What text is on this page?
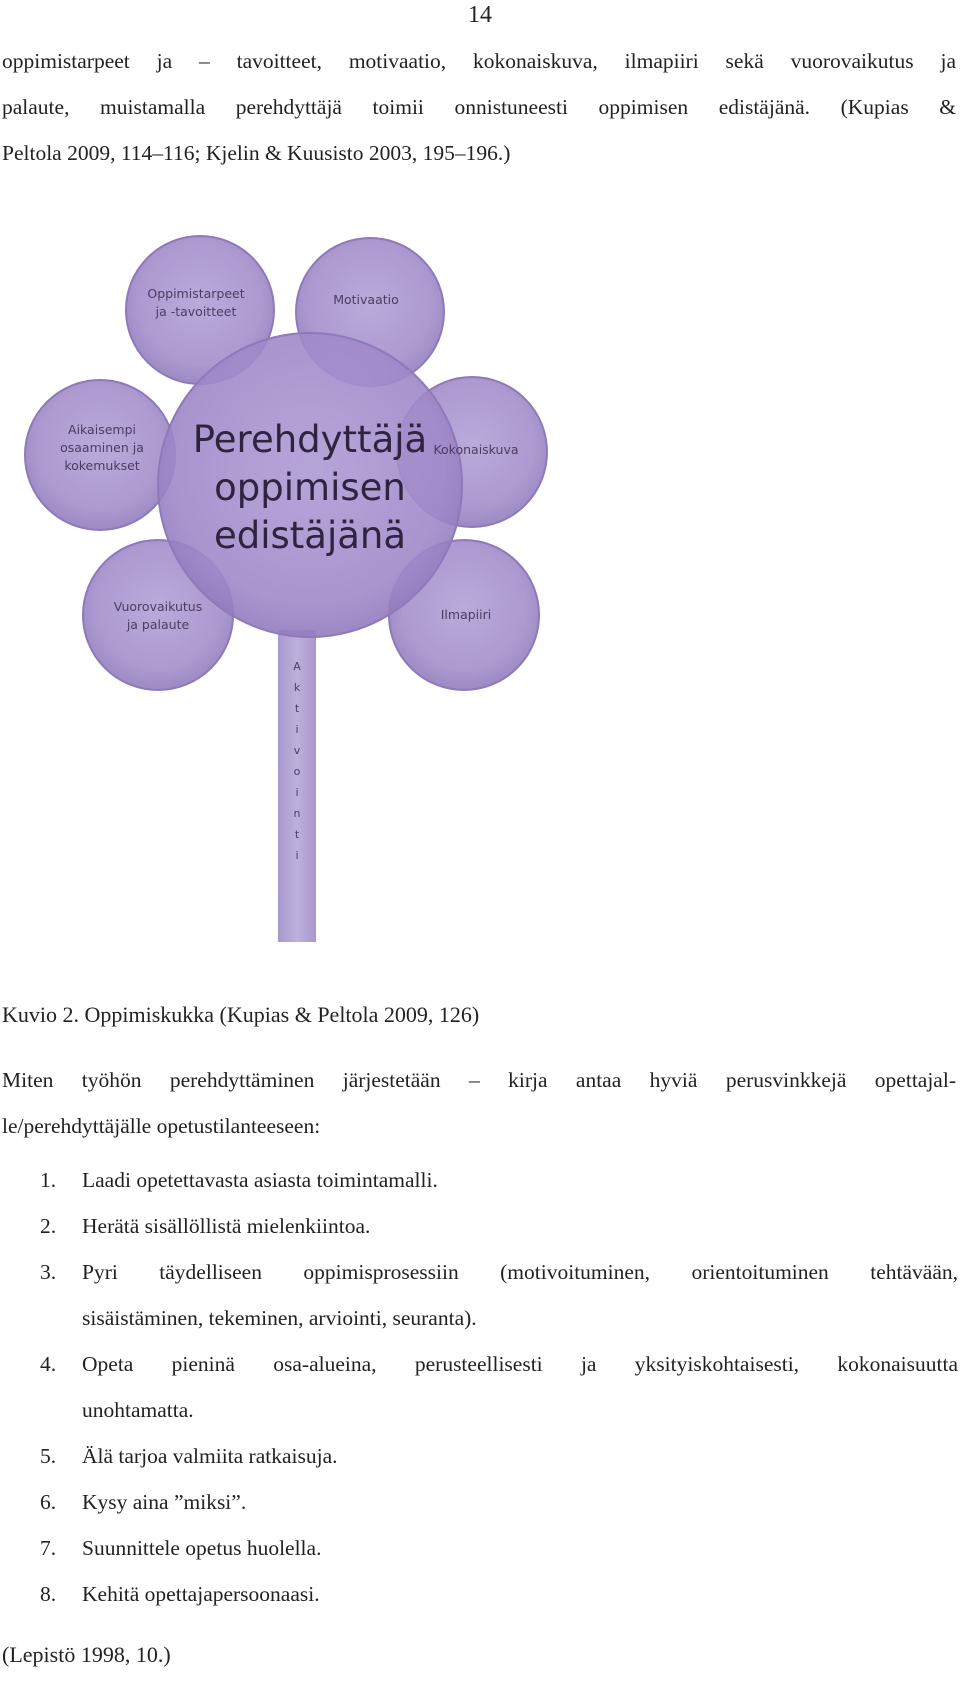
14

oppimistarpeet ja – tavoitteet, motivaatio, kokonaiskuva, ilmapiiri sekä vuorovaikutus ja
palaute, muistamalla perehdyttäjä toimii onnistuneesti oppimisen edistäjänä. (Kupias &
Peltola 2009, 114–116; Kjelin & Kuusisto 2003, 195–196.)

Perehdyttäjä
oppimisen
edistäjänä
Oppimistarpeet
ja -tavoitteet
Motivaatio
Aikaisempi
osaaminen ja
kokemukset
Kokonaiskuva
Vuorovaikutus
ja palaute
Ilmapiiri
A
k
t
i
v
o
i
n
t
i

Kuvio 2. Oppimiskukka (Kupias & Peltola 2009, 126)

Miten työhön perehdyttäminen järjestetään – kirja antaa hyviä perusvinkkejä opettajal-
le/perehdyttäjälle opetustilanteeseen:

1. Laadi opetettavasta asiasta toimintamalli.
2. Herätä sisällöllistä mielenkiintoa.
3. Pyri täydelliseen oppimisprosessiin (motivoituminen, orientoituminen tehtävään,
sisäistäminen, tekeminen, arviointi, seuranta).
4. Opeta pieninä osa-alueina, perusteellisesti ja yksityiskohtaisesti, kokonaisuutta
unohtamatta.
5. Älä tarjoa valmiita ratkaisuja.
6. Kysy aina ”miksi”.
7. Suunnittele opetus huolella.
8. Kehitä opettajapersoonaasi.

(Lepistö 1998, 10.)
